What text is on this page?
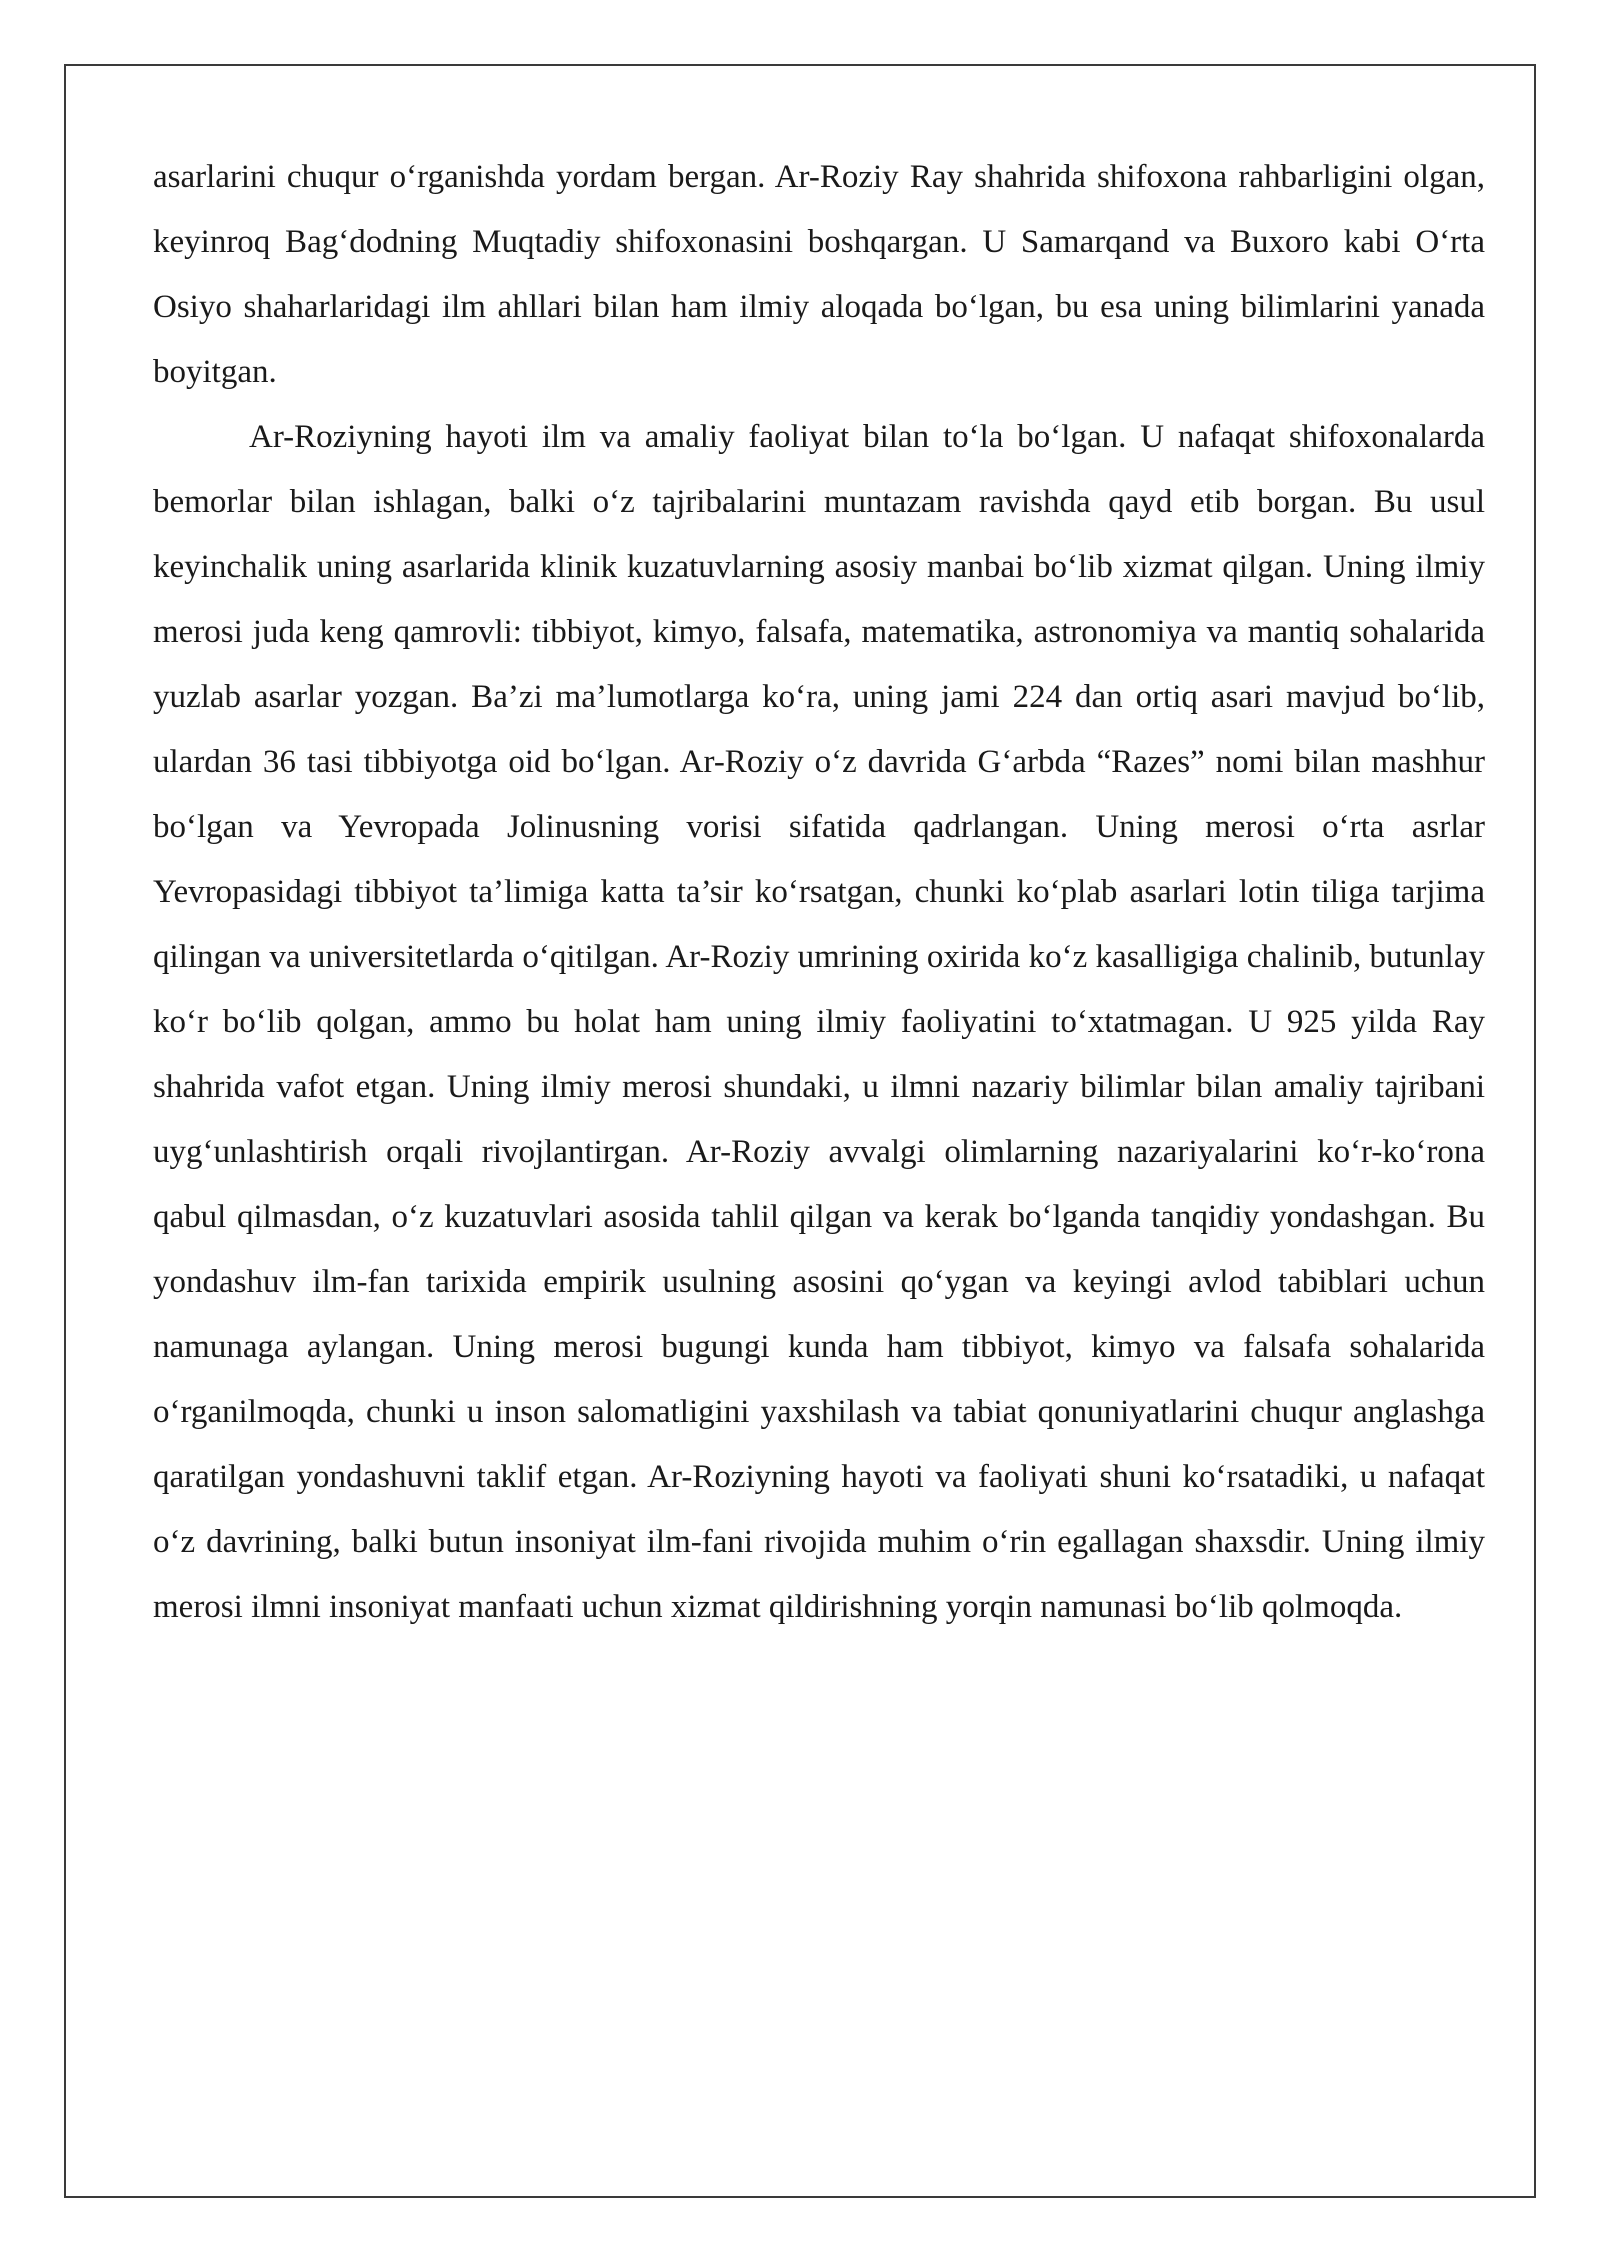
asarlarini chuqur o‘rganishda yordam bergan. Ar-Roziy Ray shahrida shifoxona rahbarligini olgan, keyinroq Bag‘dodning Muqtadiy shifoxonasini boshqargan. U Samarqand va Buxoro kabi O‘rta Osiyo shaharlaridagi ilm ahllari bilan ham ilmiy aloqada bo‘lgan, bu esa uning bilimlarini yanada boyitgan.

Ar-Roziyning hayoti ilm va amaliy faoliyat bilan to‘la bo‘lgan. U nafaqat shifoxonalarda bemorlar bilan ishlagan, balki o‘z tajribalarini muntazam ravishda qayd etib borgan. Bu usul keyinchalik uning asarlarida klinik kuzatuvlarning asosiy manbai bo‘lib xizmat qilgan. Uning ilmiy merosi juda keng qamrovli: tibbiyot, kimyo, falsafa, matematika, astronomiya va mantiq sohalarida yuzlab asarlar yozgan. Ba’zi ma’lumotlarga ko‘ra, uning jami 224 dan ortiq asari mavjud bo‘lib, ulardan 36 tasi tibbiyotga oid bo‘lgan. Ar-Roziy o‘z davrida G‘arbda “Razes” nomi bilan mashhur bo‘lgan va Yevropada Jolinusning vorisi sifatida qadrlangan. Uning merosi o‘rta asrlar Yevropasidagi tibbiyot ta’limiga katta ta’sir ko‘rsatgan, chunki ko‘plab asarlari lotin tiliga tarjima qilingan va universitetlarda o‘qitilgan. Ar-Roziy umrining oxirida ko‘z kasalligiga chalinib, butunlay ko‘r bo‘lib qolgan, ammo bu holat ham uning ilmiy faoliyatini to‘xtatmagan. U 925 yilda Ray shahrida vafot etgan. Uning ilmiy merosi shundaki, u ilmni nazariy bilimlar bilan amaliy tajribani uyg‘unlashtirish orqali rivojlantirgan. Ar-Roziy avvalgi olimlarning nazariyalarini ko‘r-ko‘rona qabul qilmasdan, o‘z kuzatuvlari asosida tahlil qilgan va kerak bo‘lganda tanqidiy yondashgan. Bu yondashuv ilm-fan tarixida empirik usulning asosini qo‘ygan va keyingi avlod tabiblari uchun namunaga aylangan. Uning merosi bugungi kunda ham tibbiyot, kimyo va falsafa sohalarida o‘rganilmoqda, chunki u inson salomatligini yaxshilash va tabiat qonuniyatlarini chuqur anglashga qaratilgan yondashuvni taklif etgan. Ar-Roziyning hayoti va faoliyati shuni ko‘rsatadiki, u nafaqat o‘z davrining, balki butun insoniyat ilm-fani rivojida muhim o‘rin egallagan shaxsdir. Uning ilmiy merosi ilmni insoniyat manfaati uchun xizmat qildirishning yorqin namunasi bo‘lib qolmoqda.
